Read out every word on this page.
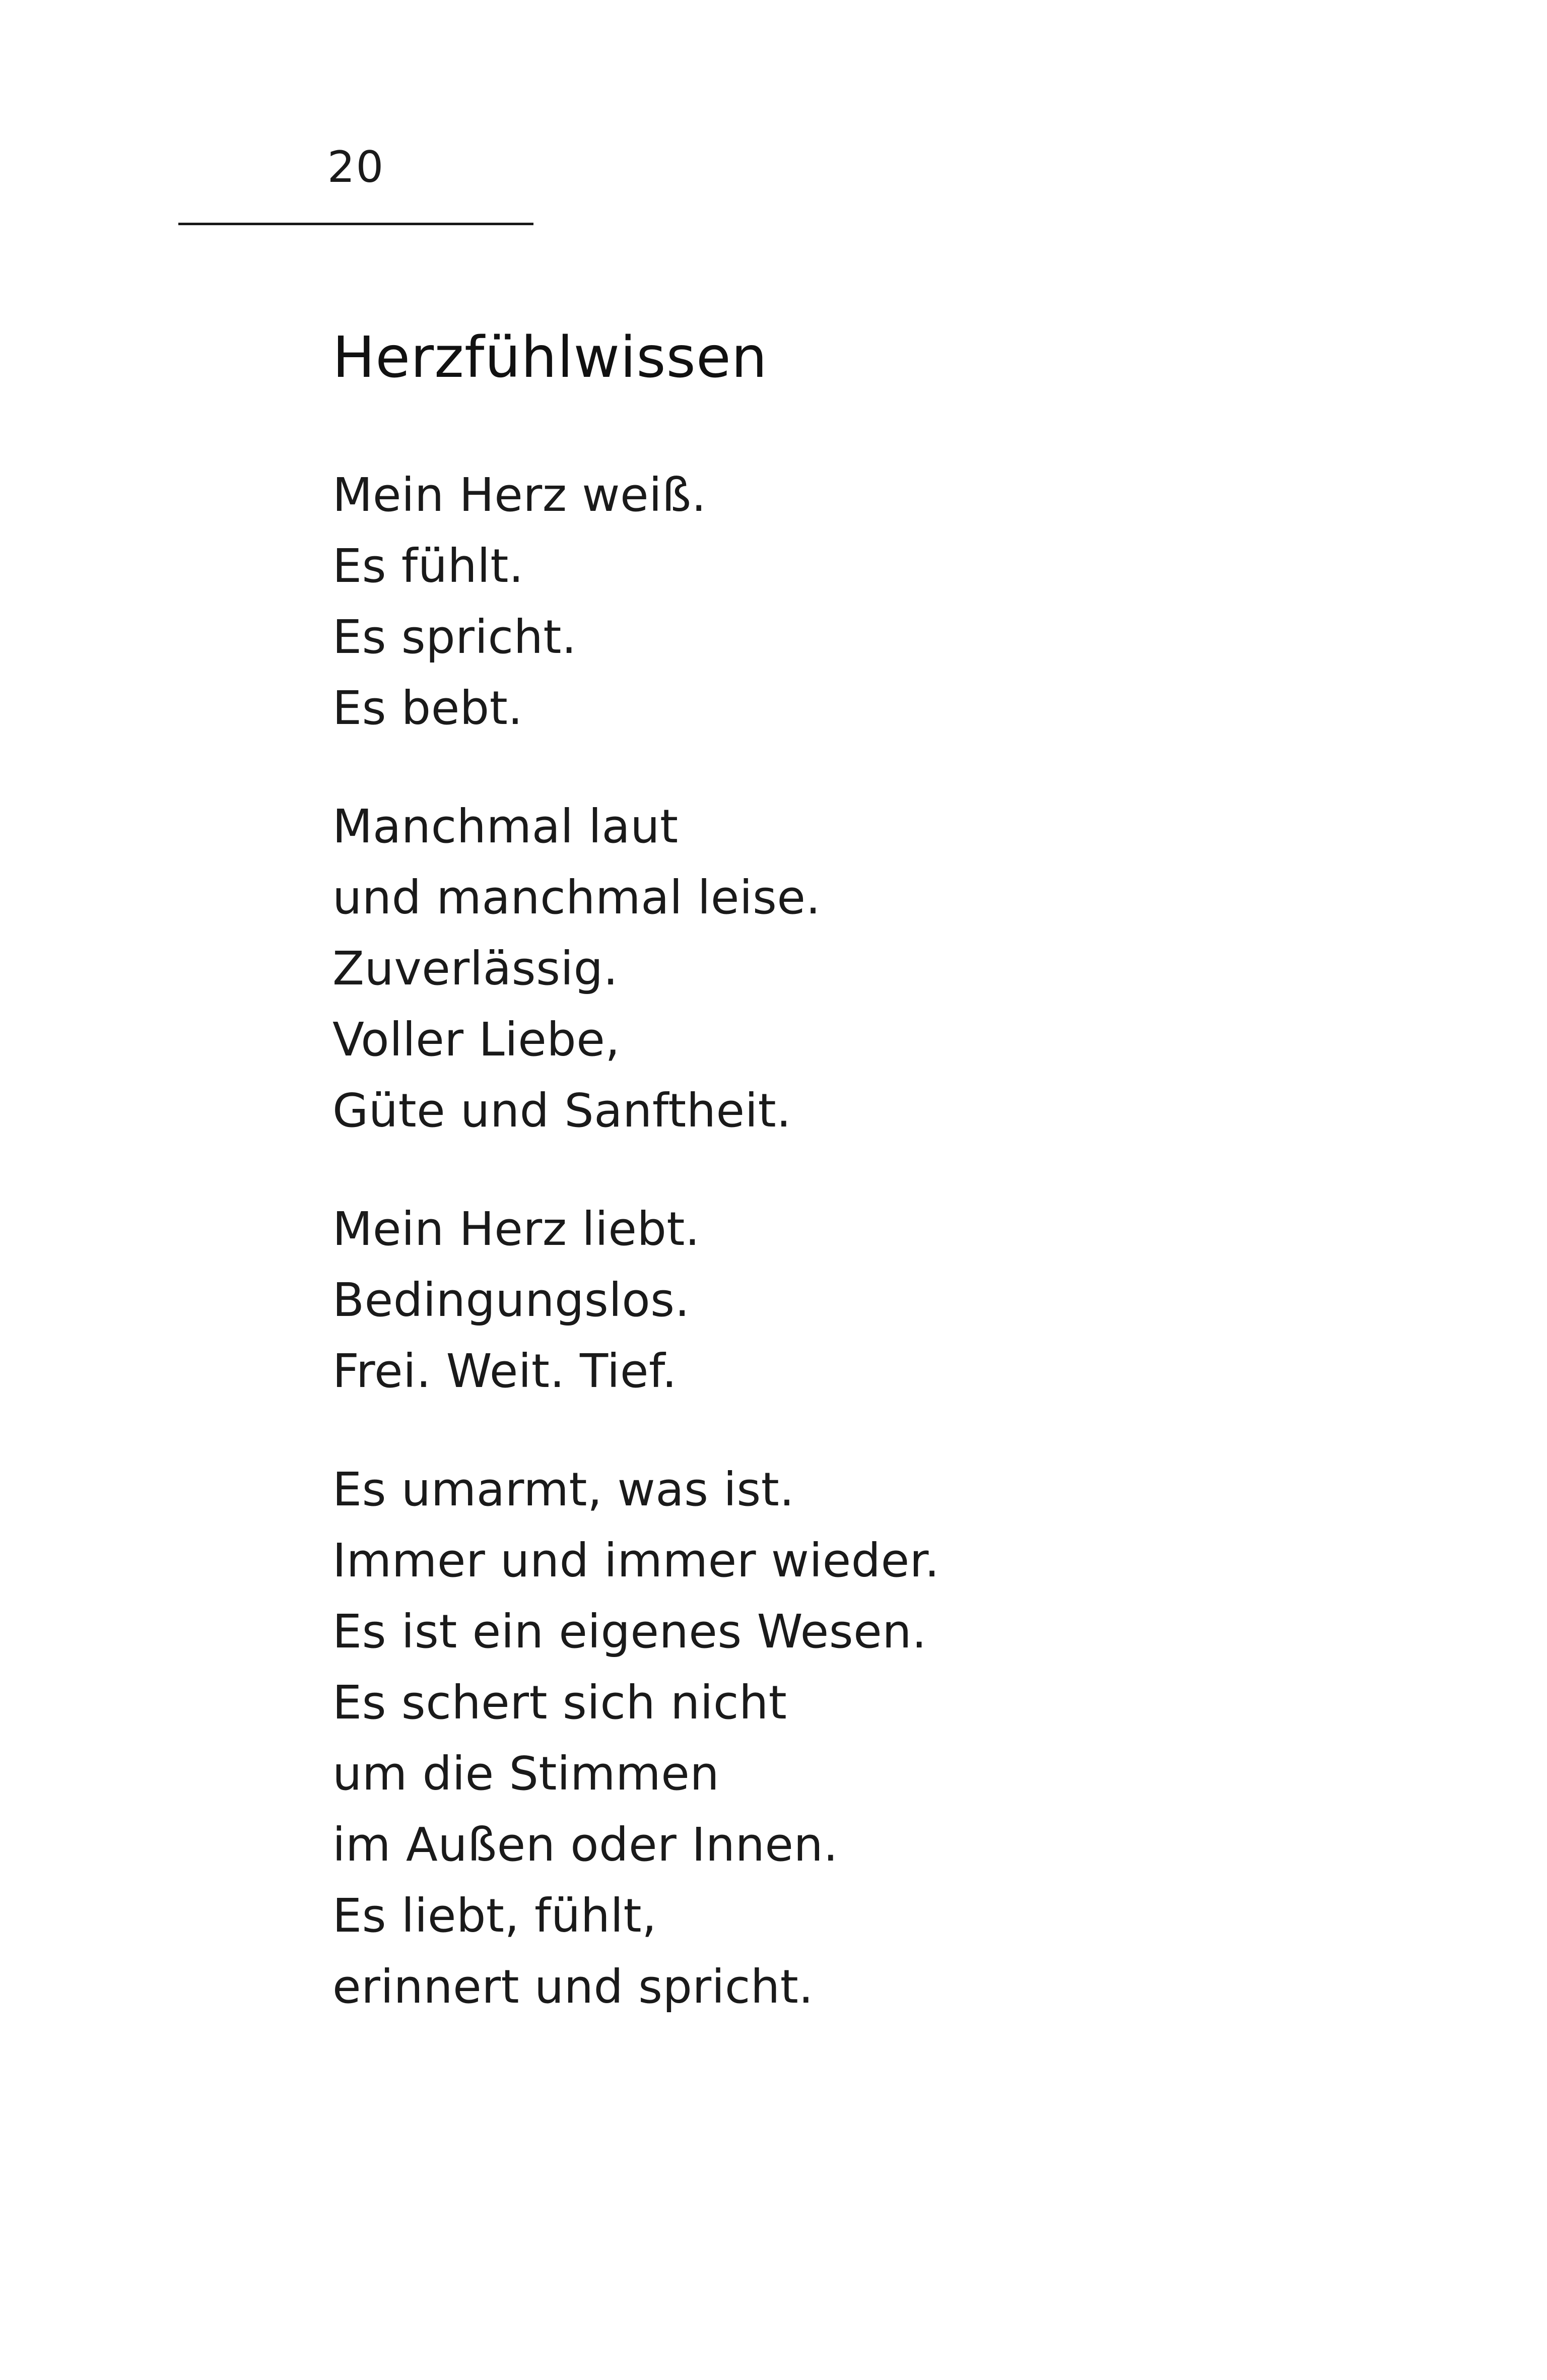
20
Herzfühlwissen
Mein Herz weiß.
Es fühlt.
Es spricht.
Es bebt.
Manchmal laut
und manchmal leise.
Zuverlässig.
Voller Liebe,
Güte und Sanftheit.
Mein Herz liebt.
Bedingungslos.
Frei. Weit. Tief.
Es umarmt, was ist.
Immer und immer wieder.
Es ist ein eigenes Wesen.
Es schert sich nicht
um die Stimmen
im Außen oder Innen.
Es liebt, fühlt,
erinnert und spricht.
